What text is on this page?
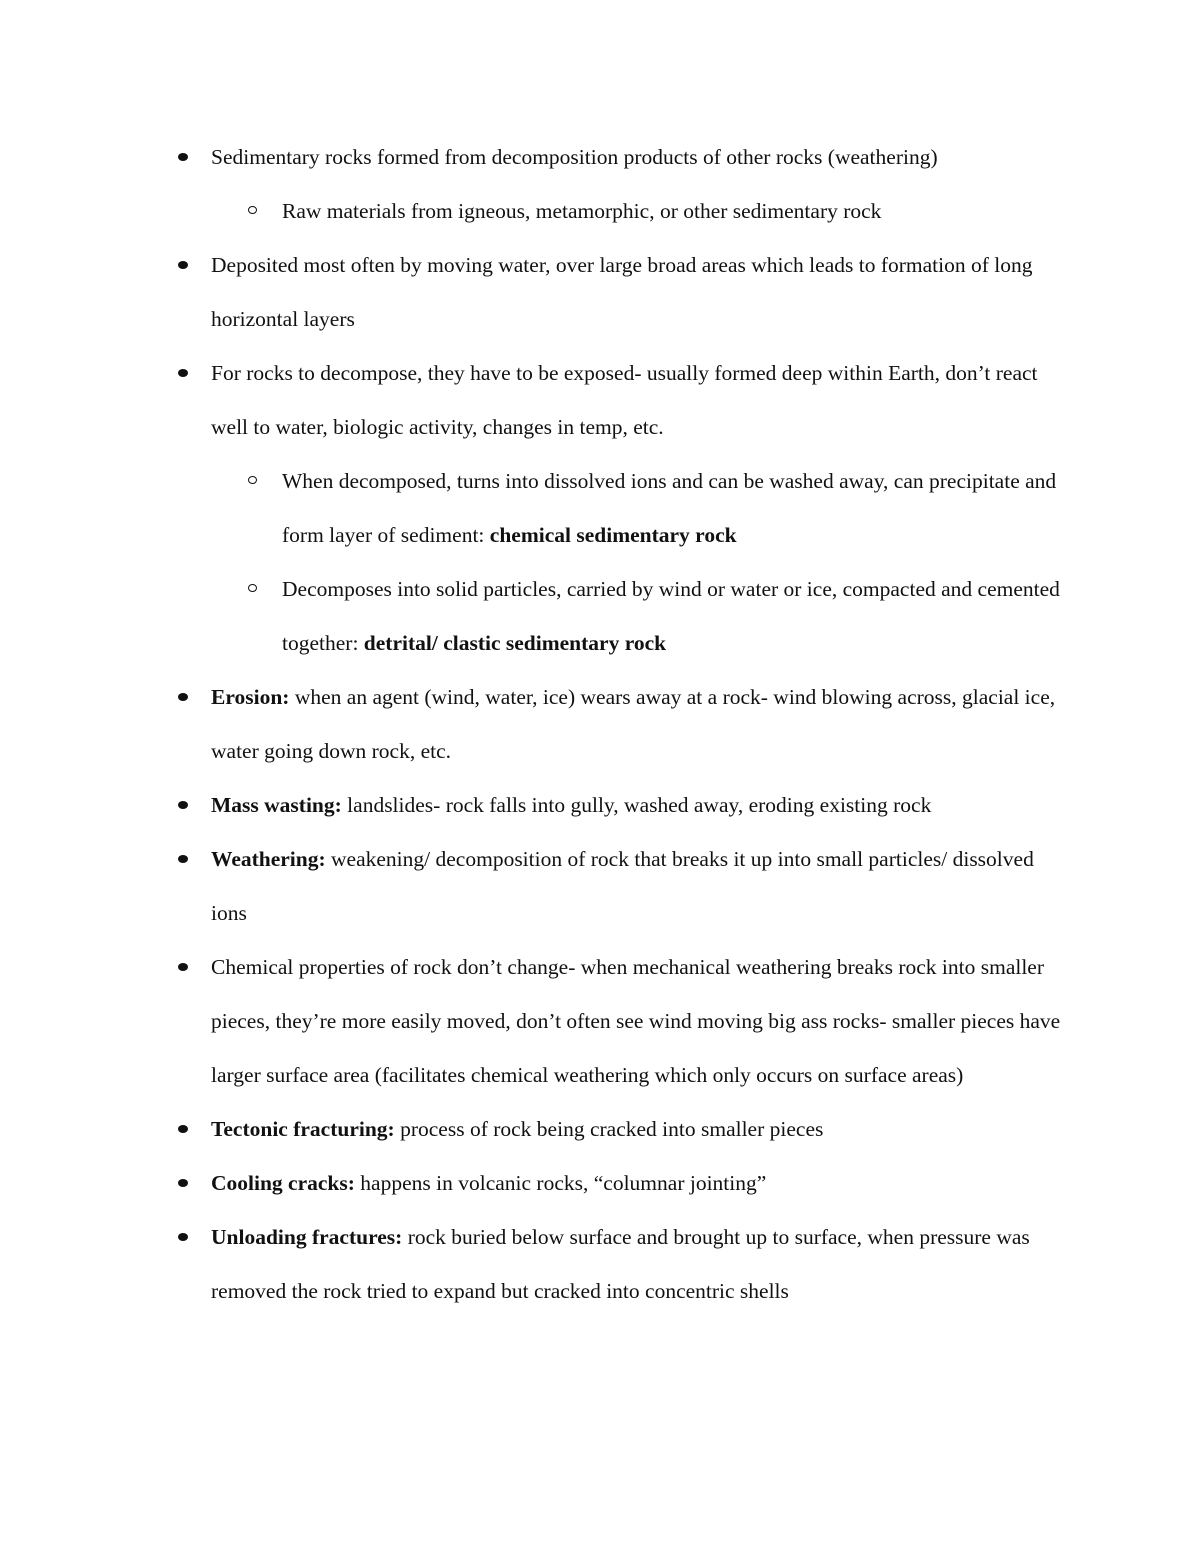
Sedimentary rocks formed from decomposition products of other rocks (weathering)
Raw materials from igneous, metamorphic, or other sedimentary rock
Deposited most often by moving water, over large broad areas which leads to formation of long horizontal layers
For rocks to decompose, they have to be exposed- usually formed deep within Earth, don’t react well to water, biologic activity, changes in temp, etc.
When decomposed, turns into dissolved ions and can be washed away, can precipitate and form layer of sediment: chemical sedimentary rock
Decomposes into solid particles, carried by wind or water or ice, compacted and cemented together: detrital/ clastic sedimentary rock
Erosion: when an agent (wind, water, ice) wears away at a rock- wind blowing across, glacial ice, water going down rock, etc.
Mass wasting: landslides- rock falls into gully, washed away, eroding existing rock
Weathering: weakening/ decomposition of rock that breaks it up into small particles/ dissolved ions
Chemical properties of rock don’t change- when mechanical weathering breaks rock into smaller pieces, they’re more easily moved, don’t often see wind moving big ass rocks- smaller pieces have larger surface area (facilitates chemical weathering which only occurs on surface areas)
Tectonic fracturing: process of rock being cracked into smaller pieces
Cooling cracks: happens in volcanic rocks, “columnar jointing”
Unloading fractures: rock buried below surface and brought up to surface, when pressure was removed the rock tried to expand but cracked into concentric shells
